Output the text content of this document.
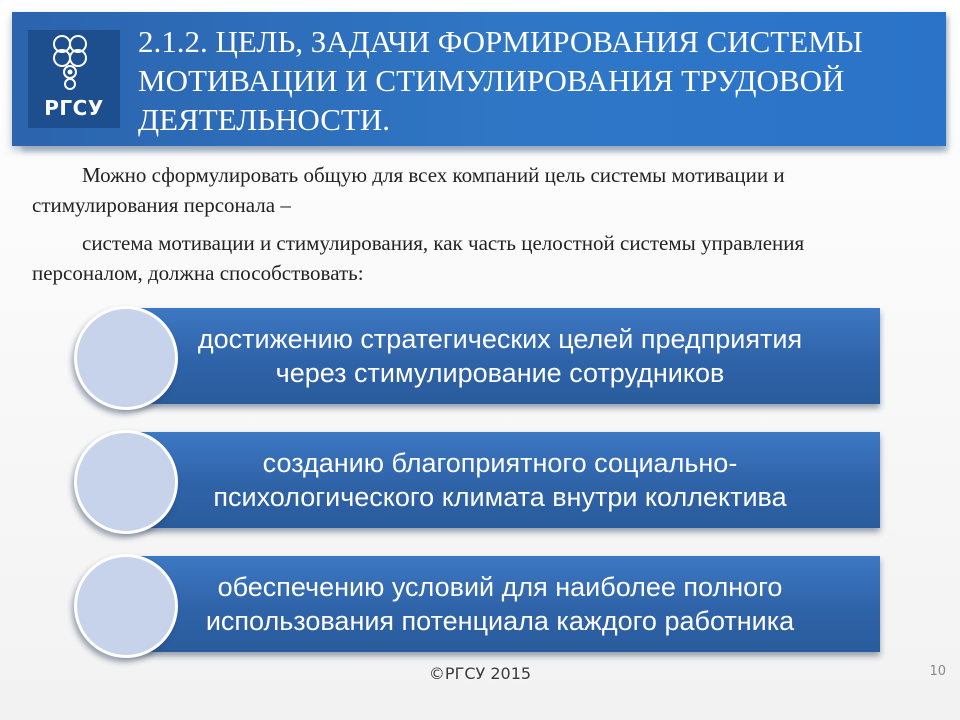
РГСУ
2.1.2. ЦЕЛЬ, ЗАДАЧИ ФОРМИРОВАНИЯ СИСТЕМЫ МОТИВАЦИИ И СТИМУЛИРОВАНИЯ ТРУДОВОЙ ДЕЯТЕЛЬНОСТИ.
Можно сформулировать общую для всех компаний цель системы мотивации и стимулирования персонала –
система мотивации и стимулирования, как часть целостной системы управления персоналом, должна способствовать:
достижению стратегических целей предприятия через стимулирование сотрудников
созданию благоприятного социально-психологического климата внутри коллектива
обеспечению условий для наиболее полного использования потенциала каждого работника
©РГСУ 2015	10
